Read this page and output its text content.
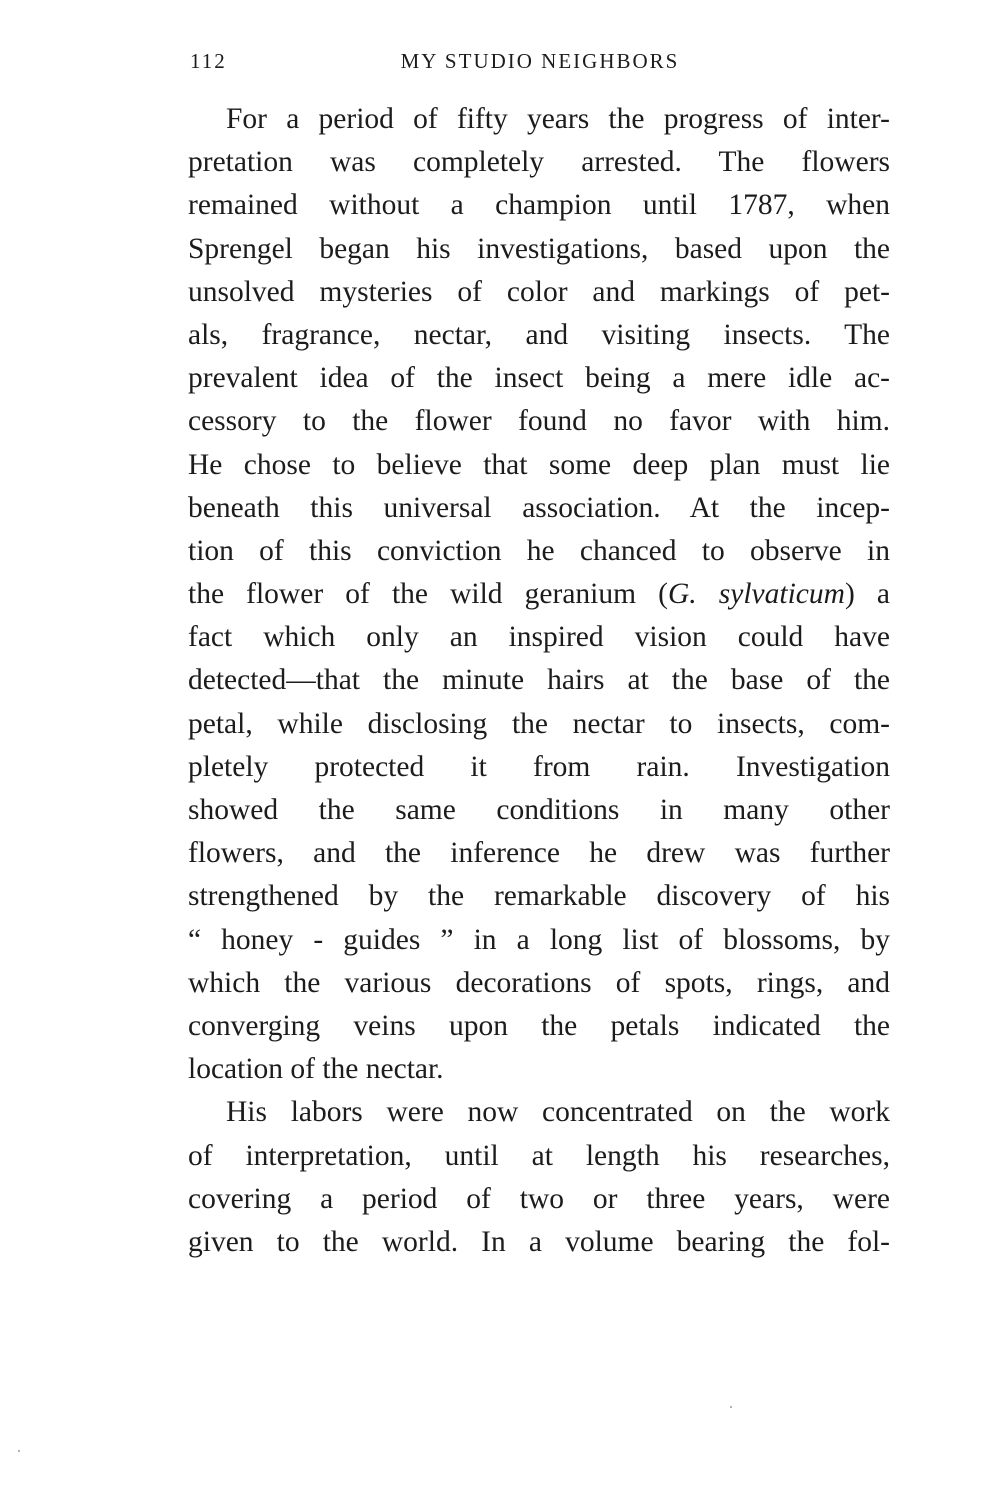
112	MY STUDIO NEIGHBORS
For a period of fifty years the progress of inter-
pretation was completely arrested. The flowers
remained without a champion until 1787, when
Sprengel began his investigations, based upon the
unsolved mysteries of color and markings of pet-
als, fragrance, nectar, and visiting insects. The
prevalent idea of the insect being a mere idle ac-
cessory to the flower found no favor with him.
He chose to believe that some deep plan must lie
beneath this universal association. At the incep-
tion of this conviction he chanced to observe in
the flower of the wild geranium (G. sylvaticum) a
fact which only an inspired vision could have
detected—that the minute hairs at the base of the
petal, while disclosing the nectar to insects, com-
pletely protected it from rain. Investigation
showed the same conditions in many other
flowers, and the inference he drew was further
strengthened by the remarkable discovery of his
“ honey - guides ” in a long list of blossoms, by
which the various decorations of spots, rings, and
converging veins upon the petals indicated the
location of the nectar.
His labors were now concentrated on the work
of interpretation, until at length his researches,
covering a period of two or three years, were
given to the world. In a volume bearing the fol-
